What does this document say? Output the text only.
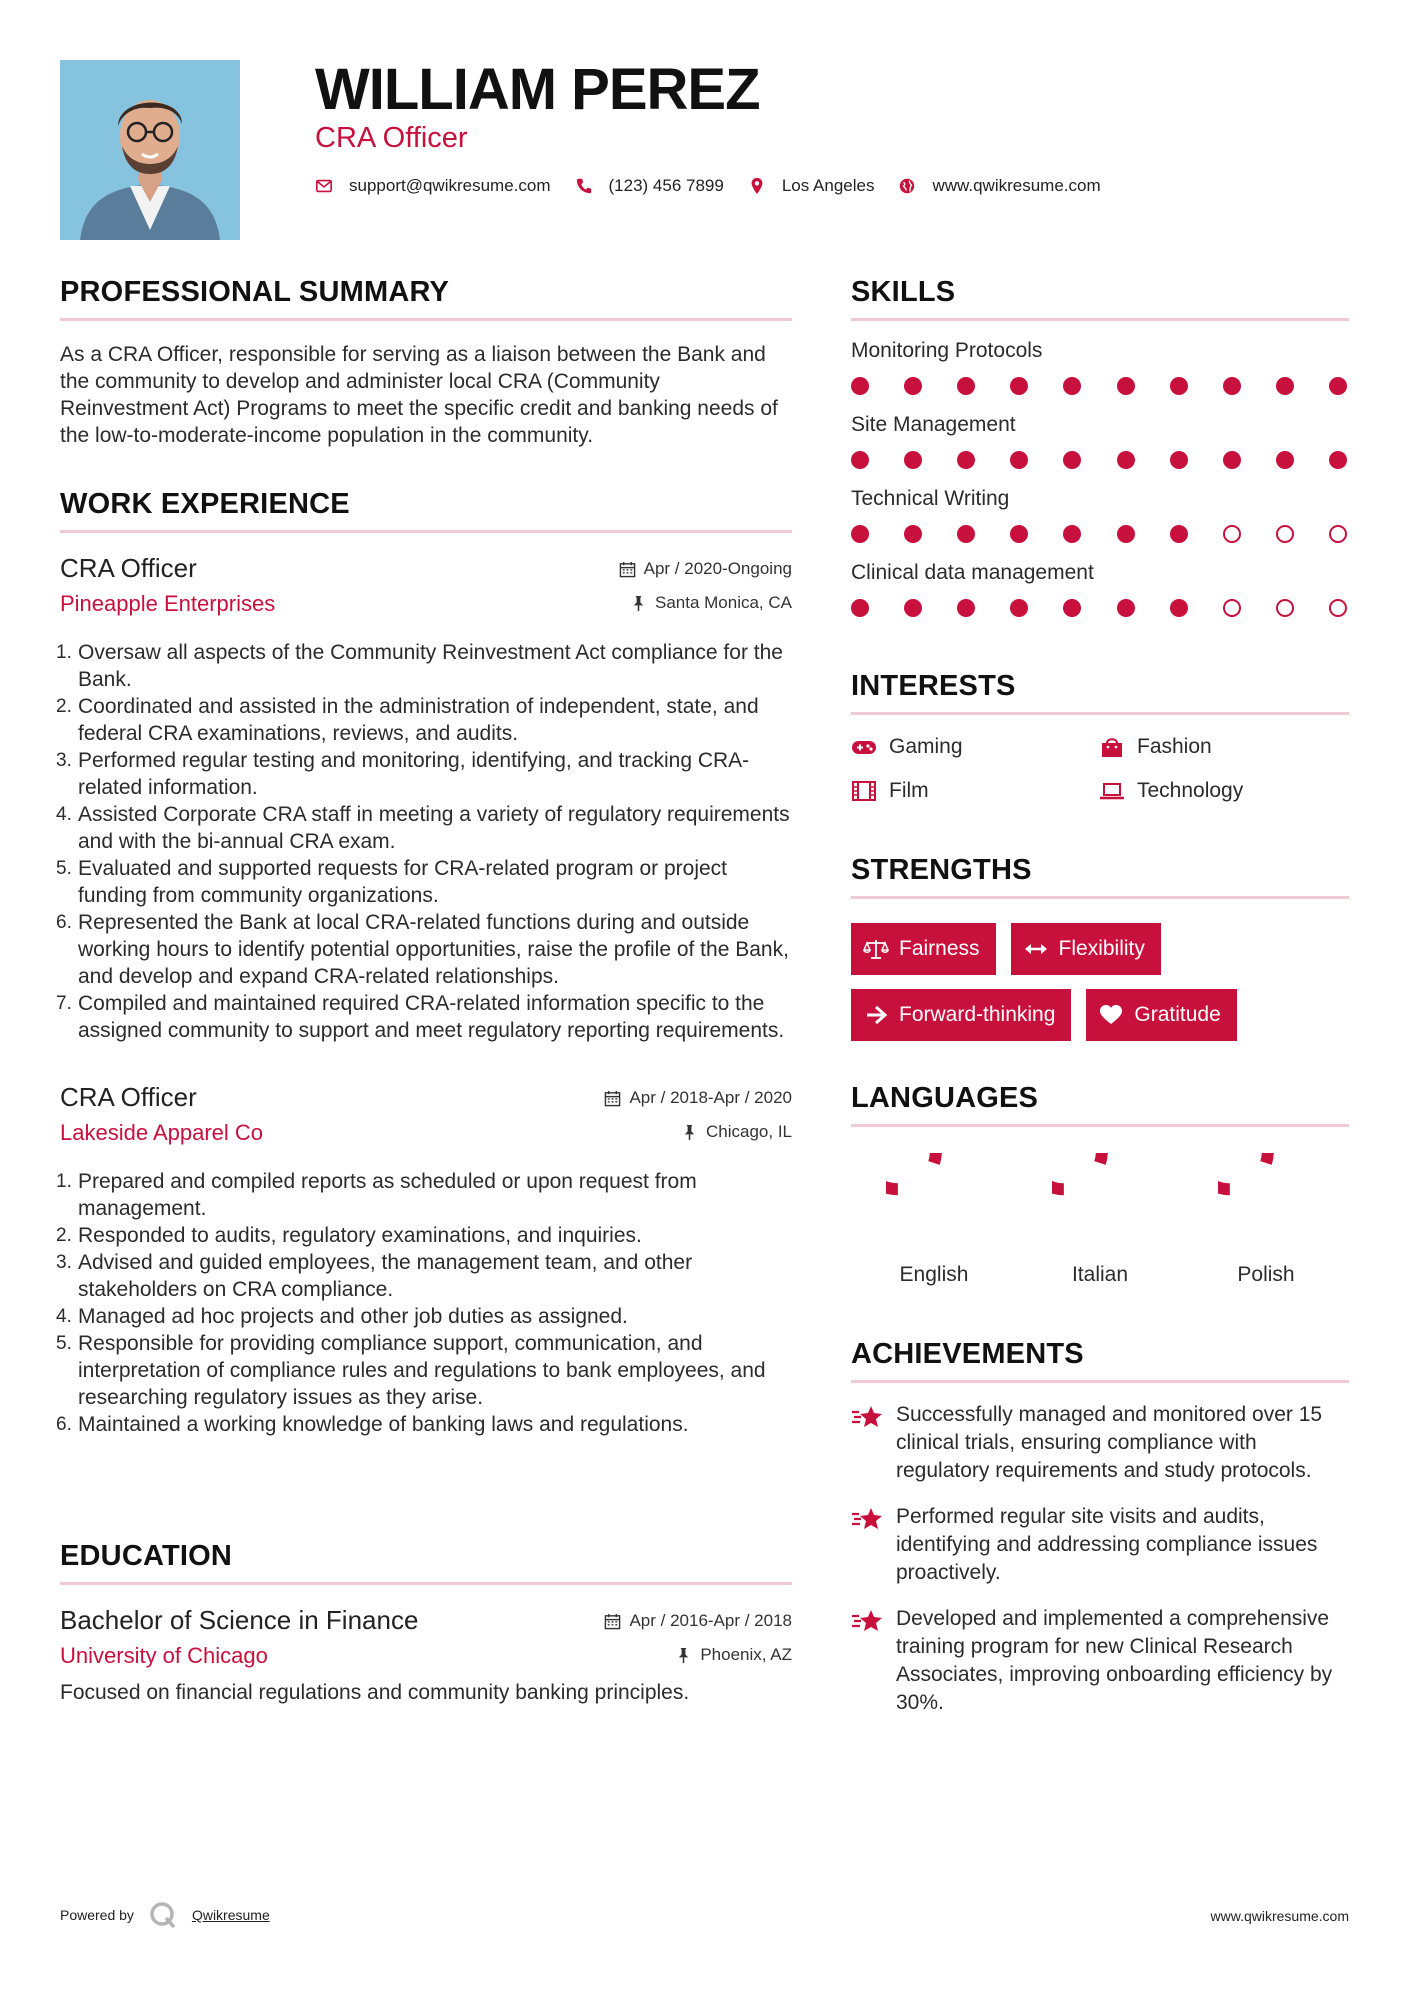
WILLIAM PEREZ
CRA Officer
support@qwikresume.com	(123) 456 7899	Los Angeles	www.qwikresume.com
PROFESSIONAL SUMMARY
As a CRA Officer, responsible for serving as a liaison between the Bank and the community to develop and administer local CRA (Community Reinvestment Act) Programs to meet the specific credit and banking needs of the low-to-moderate-income population in the community.
WORK EXPERIENCE
CRA Officer
Pineapple Enterprises
Apr / 2020-Ongoing
Santa Monica, CA
1. Oversaw all aspects of the Community Reinvestment Act compliance for the Bank.
2. Coordinated and assisted in the administration of independent, state, and federal CRA examinations, reviews, and audits.
3. Performed regular testing and monitoring, identifying, and tracking CRA-related information.
4. Assisted Corporate CRA staff in meeting a variety of regulatory requirements and with the bi-annual CRA exam.
5. Evaluated and supported requests for CRA-related program or project funding from community organizations.
6. Represented the Bank at local CRA-related functions during and outside working hours to identify potential opportunities, raise the profile of the Bank, and develop and expand CRA-related relationships.
7. Compiled and maintained required CRA-related information specific to the assigned community to support and meet regulatory reporting requirements.
CRA Officer
Lakeside Apparel Co
Apr / 2018-Apr / 2020
Chicago, IL
1. Prepared and compiled reports as scheduled or upon request from management.
2. Responded to audits, regulatory examinations, and inquiries.
3. Advised and guided employees, the management team, and other stakeholders on CRA compliance.
4. Managed ad hoc projects and other job duties as assigned.
5. Responsible for providing compliance support, communication, and interpretation of compliance rules and regulations to bank employees, and researching regulatory issues as they arise.
6. Maintained a working knowledge of banking laws and regulations.
EDUCATION
Bachelor of Science in Finance
University of Chicago
Apr / 2016-Apr / 2018
Phoenix, AZ
Focused on financial regulations and community banking principles.
SKILLS
Monitoring Protocols
Site Management
Technical Writing
Clinical data management
INTERESTS
Gaming	Fashion
Film	Technology
STRENGTHS
Fairness	Flexibility
Forward-thinking	Gratitude
LANGUAGES
English	Italian	Polish
ACHIEVEMENTS
Successfully managed and monitored over 15 clinical trials, ensuring compliance with regulatory requirements and study protocols.
Performed regular site visits and audits, identifying and addressing compliance issues proactively.
Developed and implemented a comprehensive training program for new Clinical Research Associates, improving onboarding efficiency by 30%.
Powered by	Qwikresume	www.qwikresume.com
